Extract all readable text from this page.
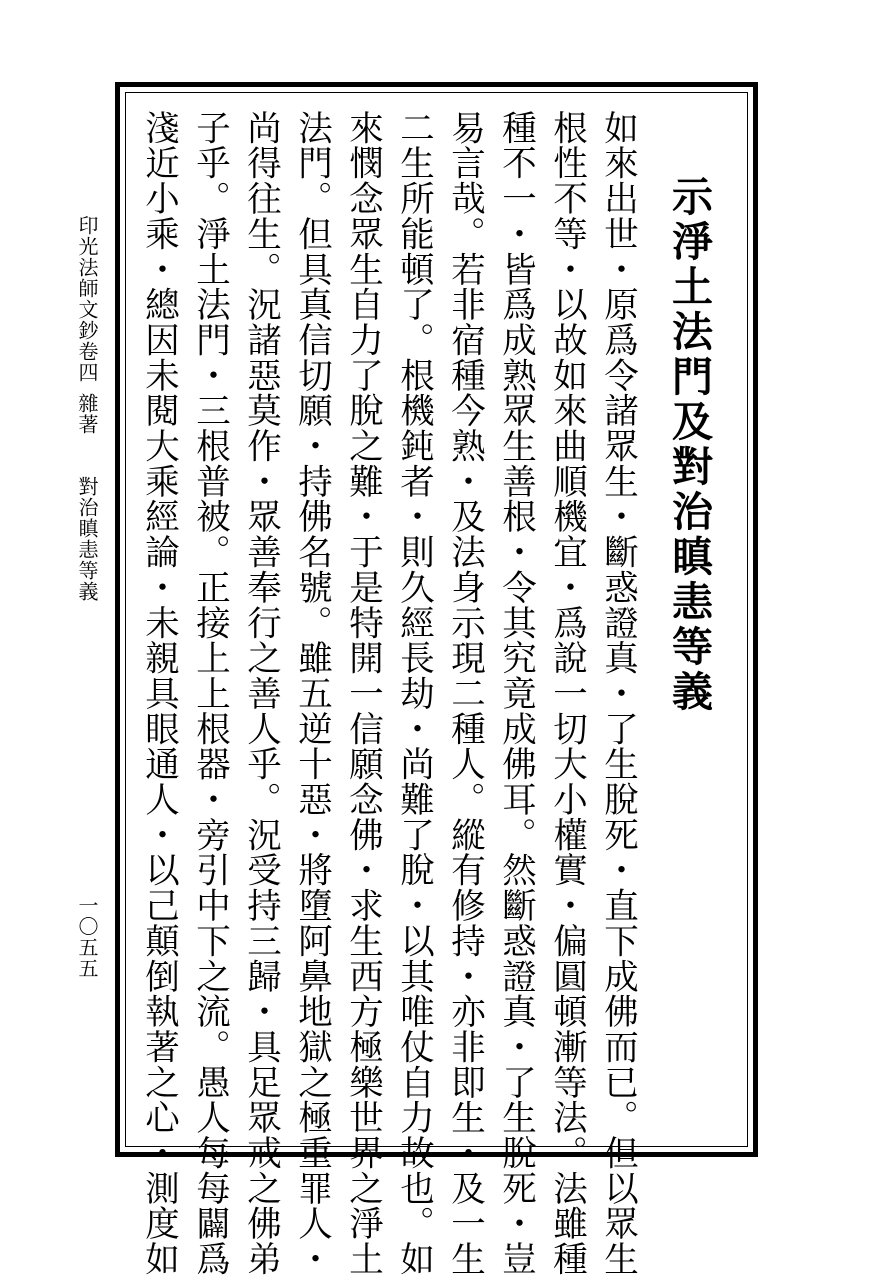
示淨土法門及對治瞋恚等義
如來出世・原爲令諸眾生・斷惑證真・了生脫死・直下成佛而已。但以眾生
根性不等・以故如來曲順機宜・爲說一切大小權實・偏圓頓漸等法。法雖種
種不一・皆爲成熟眾生善根・令其究竟成佛耳。然斷惑證真・了生脫死・豈
易言哉。若非宿種今熟・及法身示現二種人。縱有修持・亦非即生・及一生
二生所能頓了。根機鈍者・則久經長劫・尚難了脫・以其唯仗自力故也。如
來憫念眾生自力了脫之難・于是特開一信願念佛・求生西方極樂世界之淨土
法門。但具真信切願・持佛名號。雖五逆十惡・將墮阿鼻地獄之極重罪人・
尚得往生。況諸惡莫作・眾善奉行之善人乎。況受持三歸・具足眾戒之佛弟
子乎。淨土法門・三根普被。正接上上根器・旁引中下之流。愚人每每闢爲
淺近小乘・總因未閱大乘經論・未親具眼通人・以己顛倒執著之心・測度如
印光法師文鈔卷四
雜著
對治瞋恚等義
一〇五五
